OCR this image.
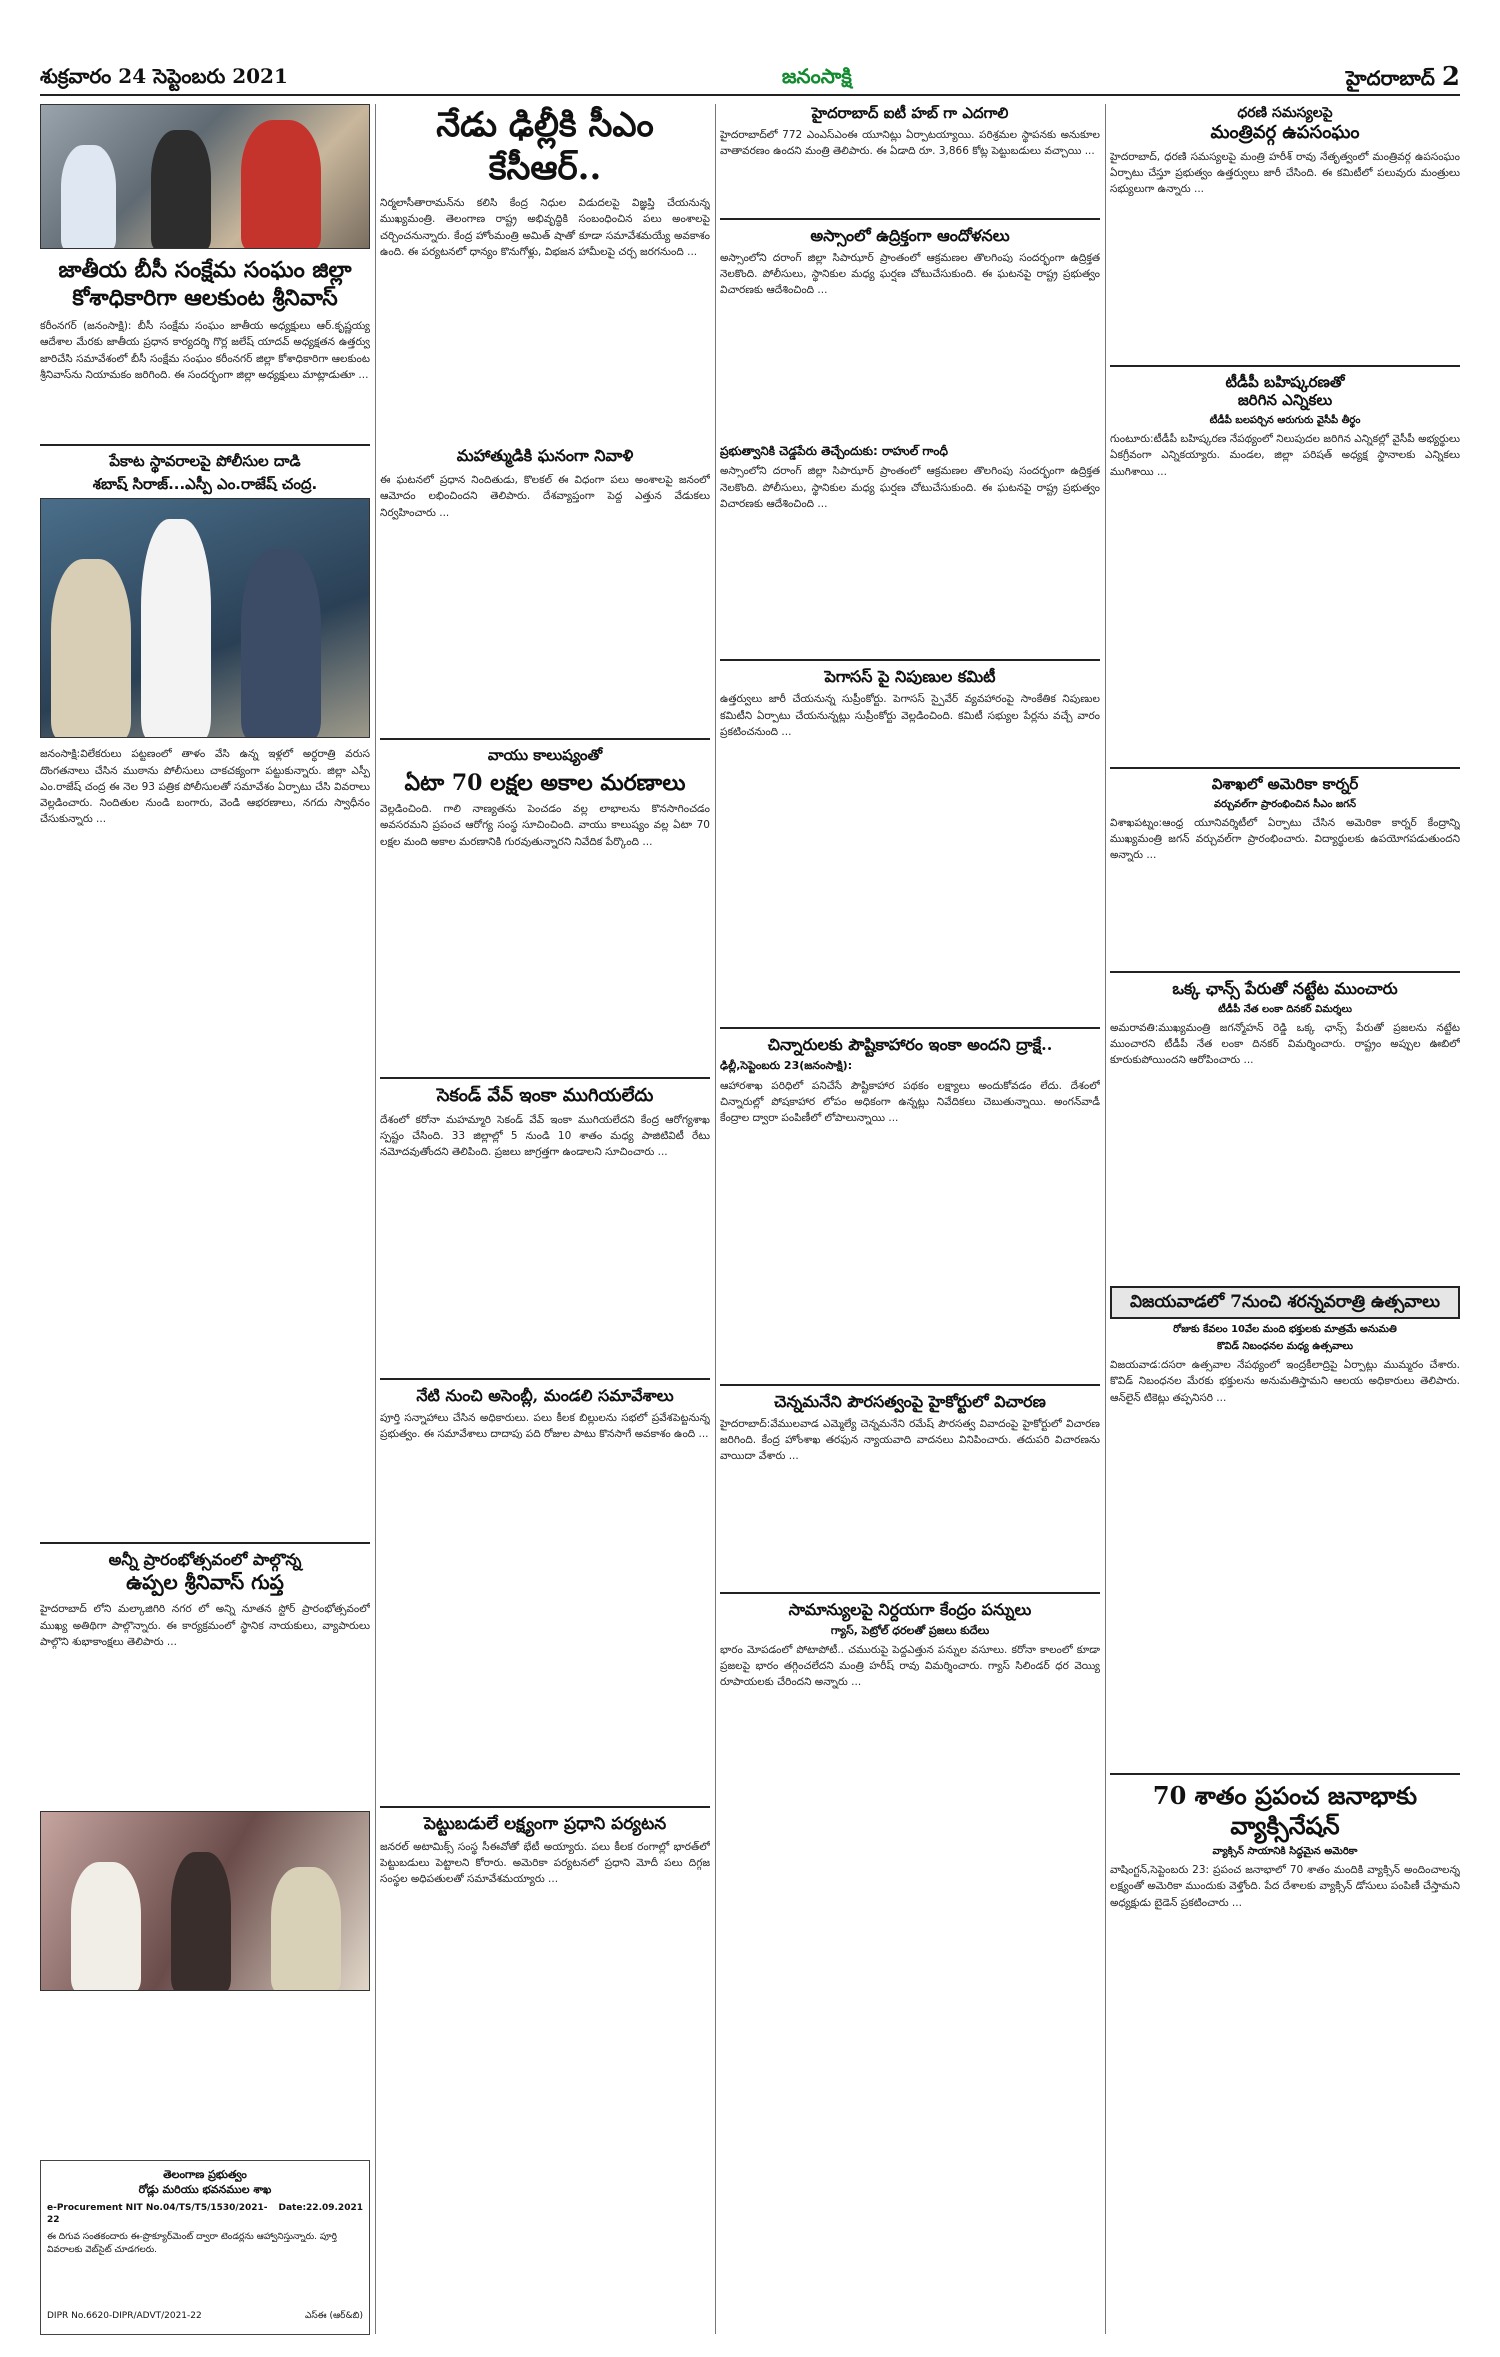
శుక్రవారం 24 సెప్టెంబరు 2021	జనంసాక్షి	హైదరాబాద్ 2
జాతీయ బీసీ సంక్షేమ సంఘం జిల్లా కోశాధికారిగా ఆలకుంట శ్రీనివాస్
కరీంనగర్ (జనంసాక్షి): బీసీ సంక్షేమ సంఘం జాతీయ అధ్యక్షులు ఆర్.కృష్ణయ్య ఆదేశాల మేరకు జాతీయ ప్రధాన కార్యదర్శి గొర్ల జలేష్ యాదవ్ అధ్యక్షతన ఉత్తర్వు జారిచేసి సమావేశంలో బీసీ సంక్షేమ సంఘం కరీంనగర్ జిల్లా కోశాధికారిగా ఆలకుంట శ్రీనివాస్‌ను నియామకం జరిగింది. ఈ సందర్భంగా జిల్లా అధ్యక్షులు మాట్లాడుతూ ...
పేకాట స్థావరాలపై పోలీసుల దాడి
శబాష్ సిరాజ్...ఎస్పీ ఎం.రాజేష్ చంద్ర.
జనంసాక్షి:విలేకరులు పట్టణంలో తాళం వేసి ఉన్న ఇళ్లలో అర్ధరాత్రి వరుస దొంగతనాలు చేసిన ముఠాను పోలీసులు చాకచక్యంగా పట్టుకున్నారు. జిల్లా ఎస్పీ ఎం.రాజేష్ చంద్ర ఈ నెల 93 పత్రిక పోలీసులతో సమావేశం ఏర్పాటు చేసి వివరాలు వెల్లడించారు. నిందితుల నుండి బంగారు, వెండి ఆభరణాలు, నగదు స్వాధీనం చేసుకున్నారు ...
అన్నీ ప్రారంభోత్సవంలో పాల్గొన్న
ఉప్పల శ్రీనివాస్ గుప్త
హైదరాబాద్ లోని మల్కాజిగిరి నగర లో అన్ని నూతన స్టోర్ ప్రారంభోత్సవంలో ముఖ్య అతిథిగా పాల్గొన్నారు. ఈ కార్యక్రమంలో స్థానిక నాయకులు, వ్యాపారులు పాల్గొని శుభాకాంక్షలు తెలిపారు ...
తెలంగాణ ప్రభుత్వం
రోడ్లు మరియు భవనముల శాఖ
e-Procurement NIT No.04/TS/T5/1530/2021-22
Date:22.09.2021
ఈ దిగువ సంతకందారు ఈ-ప్రొక్యూర్‌మెంట్ ద్వారా టెండర్లను ఆహ్వానిస్తున్నారు. పూర్తి వివరాలకు వెబ్‌సైట్ చూడగలరు.
DIPR No.6620-DIPR/ADVT/2021-22	ఎస్ఈ (ఆర్&బి)
నేడు ఢిల్లీకి సీఎం కేసీఆర్..
నిర్మలాసీతారామన్‌ను కలిసి కేంద్ర నిధుల విడుదలపై విజ్ఞప్తి చేయనున్న ముఖ్యమంత్రి. తెలంగాణ రాష్ట్ర అభివృద్ధికి సంబంధించిన పలు అంశాలపై చర్చించనున్నారు. కేంద్ర హోంమంత్రి అమిత్ షాతో కూడా సమావేశమయ్యే అవకాశం ఉంది. ఈ పర్యటనలో ధాన్యం కొనుగోళ్లు, విభజన హామీలపై చర్చ జరగనుంది ...
మహాత్ముడికి ఘనంగా నివాళి
ఈ ఘటనలో ప్రధాన నిందితుడు, కొలకల్ ఈ విధంగా పలు అంశాలపై జనంలో ఆమోదం లభించిందని తెలిపారు. దేశవ్యాప్తంగా పెద్ద ఎత్తున వేడుకలు నిర్వహించారు ...
వాయు కాలుష్యంతో
ఏటా 70 లక్షల అకాల మరణాలు
వెల్లడించింది. గాలి నాణ్యతను పెంచడం వల్ల లాభాలను కొనసాగించడం అవసరమని ప్రపంచ ఆరోగ్య సంస్థ సూచించింది. వాయు కాలుష్యం వల్ల ఏటా 70 లక్షల మంది అకాల మరణానికి గురవుతున్నారని నివేదిక పేర్కొంది ...
సెకండ్ వేవ్ ఇంకా ముగియలేదు
దేశంలో కరోనా మహమ్మారి సెకండ్ వేవ్ ఇంకా ముగియలేదని కేంద్ర ఆరోగ్యశాఖ స్పష్టం చేసింది. 33 జిల్లాల్లో 5 నుండి 10 శాతం మధ్య పాజిటివిటీ రేటు నమోదవుతోందని తెలిపింది. ప్రజలు జాగ్రత్తగా ఉండాలని సూచించారు ...
నేటి నుంచి అసెంబ్లీ, మండలి సమావేశాలు
పూర్తి సన్నాహాలు చేసిన అధికారులు. పలు కీలక బిల్లులను సభలో ప్రవేశపెట్టనున్న ప్రభుత్వం. ఈ సమావేశాలు దాదాపు పది రోజుల పాటు కొనసాగే అవకాశం ఉంది ...
పెట్టుబడులే లక్ష్యంగా ప్రధాని పర్యటన
జనరల్ అటామిక్స్ సంస్థ సీఈవోతో భేటీ అయ్యారు. పలు కీలక రంగాల్లో భారత్‌లో పెట్టుబడులు పెట్టాలని కోరారు. అమెరికా పర్యటనలో ప్రధాని మోదీ పలు దిగ్గజ సంస్థల అధిపతులతో సమావేశమయ్యారు ...
హైదరాబాద్ ఐటీ హబ్ గా ఎదగాలి
హైదరాబాద్‌లో 772 ఎంఎస్ఎంఈ యూనిట్లు ఏర్పాటయ్యాయి. పరిశ్రమల స్థాపనకు అనుకూల వాతావరణం ఉందని మంత్రి తెలిపారు. ఈ ఏడాది రూ. 3,866 కోట్ల పెట్టుబడులు వచ్చాయి ...
అస్సాంలో ఉద్రిక్తంగా ఆందోళనలు
అస్సాంలోని దరాంగ్ జిల్లా సిపాఝార్ ప్రాంతంలో ఆక్రమణల తొలగింపు సందర్భంగా ఉద్రిక్తత నెలకొంది. పోలీసులు, స్థానికుల మధ్య ఘర్షణ చోటుచేసుకుంది. ఈ ఘటనపై రాష్ట్ర ప్రభుత్వం విచారణకు ఆదేశించింది ...
ప్రభుత్వానికి చెడ్డపేరు తెచ్చేందుకు: రాహుల్ గాంధీ
అస్సాంలోని దరాంగ్ జిల్లా సిపాఝార్ ప్రాంతంలో ఆక్రమణల తొలగింపు సందర్భంగా ఉద్రిక్తత నెలకొంది. పోలీసులు, స్థానికుల మధ్య ఘర్షణ చోటుచేసుకుంది. ఈ ఘటనపై రాష్ట్ర ప్రభుత్వం విచారణకు ఆదేశించింది ...
పెగాసస్ పై నిపుణుల కమిటీ
ఉత్తర్వులు జారీ చేయనున్న సుప్రీంకోర్టు. పెగాసస్ స్పైవేర్ వ్యవహారంపై సాంకేతిక నిపుణుల కమిటీని ఏర్పాటు చేయనున్నట్లు సుప్రీంకోర్టు వెల్లడించింది. కమిటీ సభ్యుల పేర్లను వచ్చే వారం ప్రకటించనుంది ...
చిన్నారులకు పౌష్టికాహారం ఇంకా అందని ద్రాక్షే..
ఢిల్లీ,సెప్టెంబరు 23(జనంసాక్షి):
ఆహారశాఖ పరిధిలో పనిచేసే పౌష్టికాహార పథకం లక్ష్యాలు అందుకోవడం లేదు. దేశంలో చిన్నారుల్లో పోషకాహార లోపం అధికంగా ఉన్నట్లు నివేదికలు చెబుతున్నాయి. అంగన్‌వాడీ కేంద్రాల ద్వారా పంపిణీలో లోపాలున్నాయి ...
చెన్నమనేని పౌరసత్వంపై హైకోర్టులో విచారణ
హైదరాబాద్:వేములవాడ ఎమ్మెల్యే చెన్నమనేని రమేష్ పౌరసత్వ వివాదంపై హైకోర్టులో విచారణ జరిగింది. కేంద్ర హోంశాఖ తరఫున న్యాయవాది వాదనలు వినిపించారు. తదుపరి విచారణను వాయిదా వేశారు ...
సామాన్యులపై నిర్దయగా కేంద్రం పన్నులు
గ్యాస్, పెట్రోల్ ధరలతో ప్రజలు కుదేలు
భారం మోపడంలో పోటాపోటీ.. చమురుపై పెద్దఎత్తున పన్నుల వసూలు. కరోనా కాలంలో కూడా ప్రజలపై భారం తగ్గించలేదని మంత్రి హరీష్ రావు విమర్శించారు. గ్యాస్ సిలిండర్ ధర వెయ్యి రూపాయలకు చేరిందని అన్నారు ...
ధరణి సమస్యలపై
మంత్రివర్గ ఉపసంఘం
హైదరాబాద్, ధరణి సమస్యలపై మంత్రి హరీశ్ రావు నేతృత్వంలో మంత్రివర్గ ఉపసంఘం ఏర్పాటు చేస్తూ ప్రభుత్వం ఉత్తర్వులు జారీ చేసింది. ఈ కమిటీలో పలువురు మంత్రులు సభ్యులుగా ఉన్నారు ...
టీడీపీ బహిష్కరణతో
జరిగిన ఎన్నికలు
టీడీపీ బలపర్చిన ఆరుగురు వైసీపీ తీర్థం
గుంటూరు:టీడీపీ బహిష్కరణ నేపథ్యంలో నిలుపుదల జరిగిన ఎన్నికల్లో వైసీపీ అభ్యర్థులు ఏకగ్రీవంగా ఎన్నికయ్యారు. మండల, జిల్లా పరిషత్ అధ్యక్ష స్థానాలకు ఎన్నికలు ముగిశాయి ...
విశాఖలో అమెరికా కార్నర్
వర్చువల్‌గా ప్రారంభించిన సీఎం జగన్
విశాఖపట్నం:ఆంధ్ర యూనివర్శిటీలో ఏర్పాటు చేసిన అమెరికా కార్నర్ కేంద్రాన్ని ముఖ్యమంత్రి జగన్ వర్చువల్‌గా ప్రారంభించారు. విద్యార్థులకు ఉపయోగపడుతుందని అన్నారు ...
ఒక్క ఛాన్స్ పేరుతో నట్టేట ముంచారు
టీడీపీ నేత లంకా దినకర్ విమర్శలు
అమరావతి:ముఖ్యమంత్రి జగన్మోహన్ రెడ్డి ఒక్క ఛాన్స్ పేరుతో ప్రజలను నట్టేట ముంచారని టీడీపీ నేత లంకా దినకర్ విమర్శించారు. రాష్ట్రం అప్పుల ఊబిలో కూరుకుపోయిందని ఆరోపించారు ...
విజయవాడలో 7నుంచి శరన్నవరాత్రి ఉత్సవాలు
రోజుకు కేవలం 10వేల మంది భక్తులకు మాత్రమే అనుమతి
కొవిడ్ నిబంధనల మధ్య ఉత్సవాలు
విజయవాడ:దసరా ఉత్సవాల నేపథ్యంలో ఇంద్రకీలాద్రిపై ఏర్పాట్లు ముమ్మరం చేశారు. కొవిడ్ నిబంధనల మేరకు భక్తులను అనుమతిస్తామని ఆలయ అధికారులు తెలిపారు. ఆన్‌లైన్ టికెట్లు తప్పనిసరి ...
70 శాతం ప్రపంచ జనాభాకు వ్యాక్సినేషన్
వ్యాక్సిన్ సాయానికి సిద్ధమైన అమెరికా
వాషింగ్టన్,సెప్టెంబరు 23: ప్రపంచ జనాభాలో 70 శాతం మందికి వ్యాక్సిన్ అందించాలన్న లక్ష్యంతో అమెరికా ముందుకు వెళ్తోంది. పేద దేశాలకు వ్యాక్సిన్ డోసులు పంపిణీ చేస్తామని అధ్యక్షుడు బైడెన్ ప్రకటించారు ...
